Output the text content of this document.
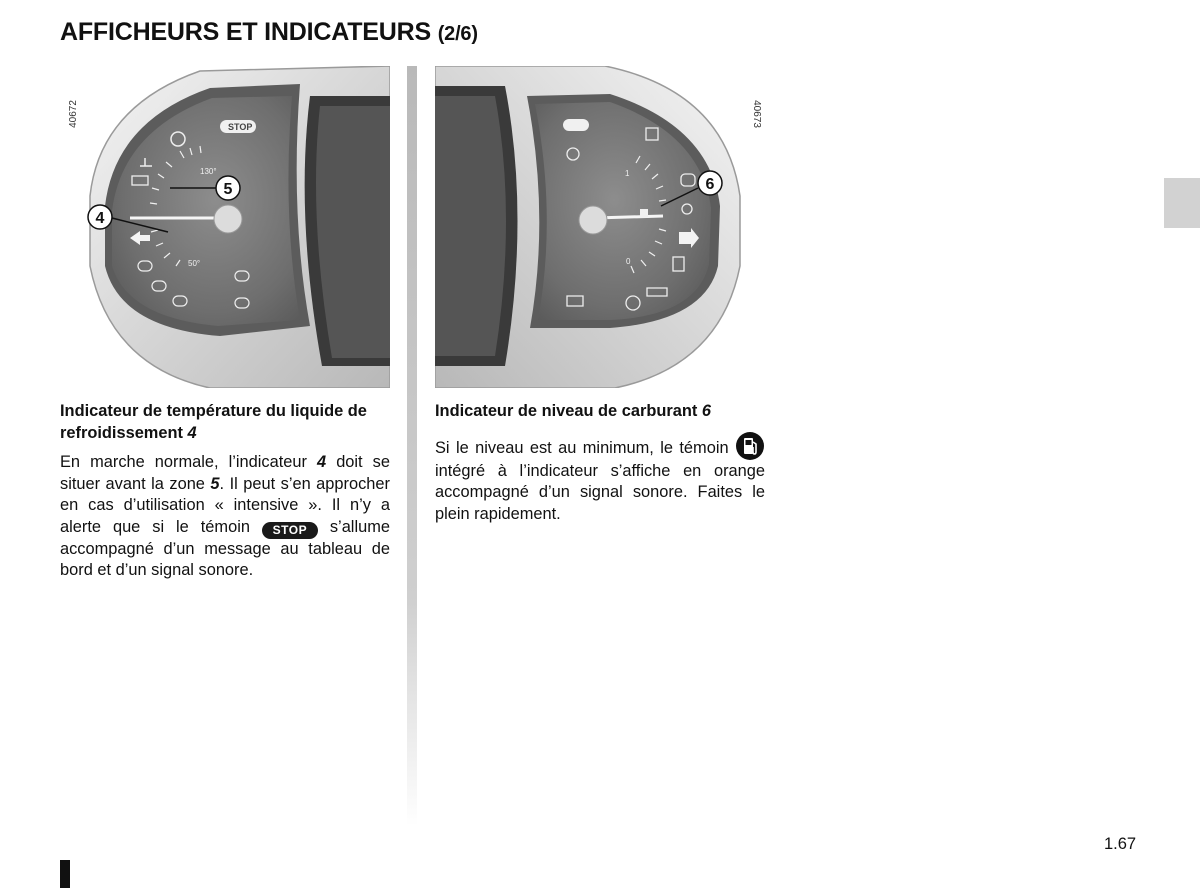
AFFICHEURS ET INDICATEURS (2/6)
130°
50°
STOP
5
4
40672
1
0
6
40673
Indicateur de température du liquide de refroidissement 4

En marche normale, l’indicateur 4 doit se situer avant la zone 5. Il peut s’en approcher en cas d’utilisation « intensive ». Il n’y a alerte que si le témoin STOP s’allume accompagné d’un message au tableau de bord et d’un signal sonore.

Indicateur de niveau de carburant 6

Si le niveau est au minimum, le témoin  intégré à l’indicateur s’affiche en orange accompagné d’un signal sonore. Faites le plein rapidement.

1.67
